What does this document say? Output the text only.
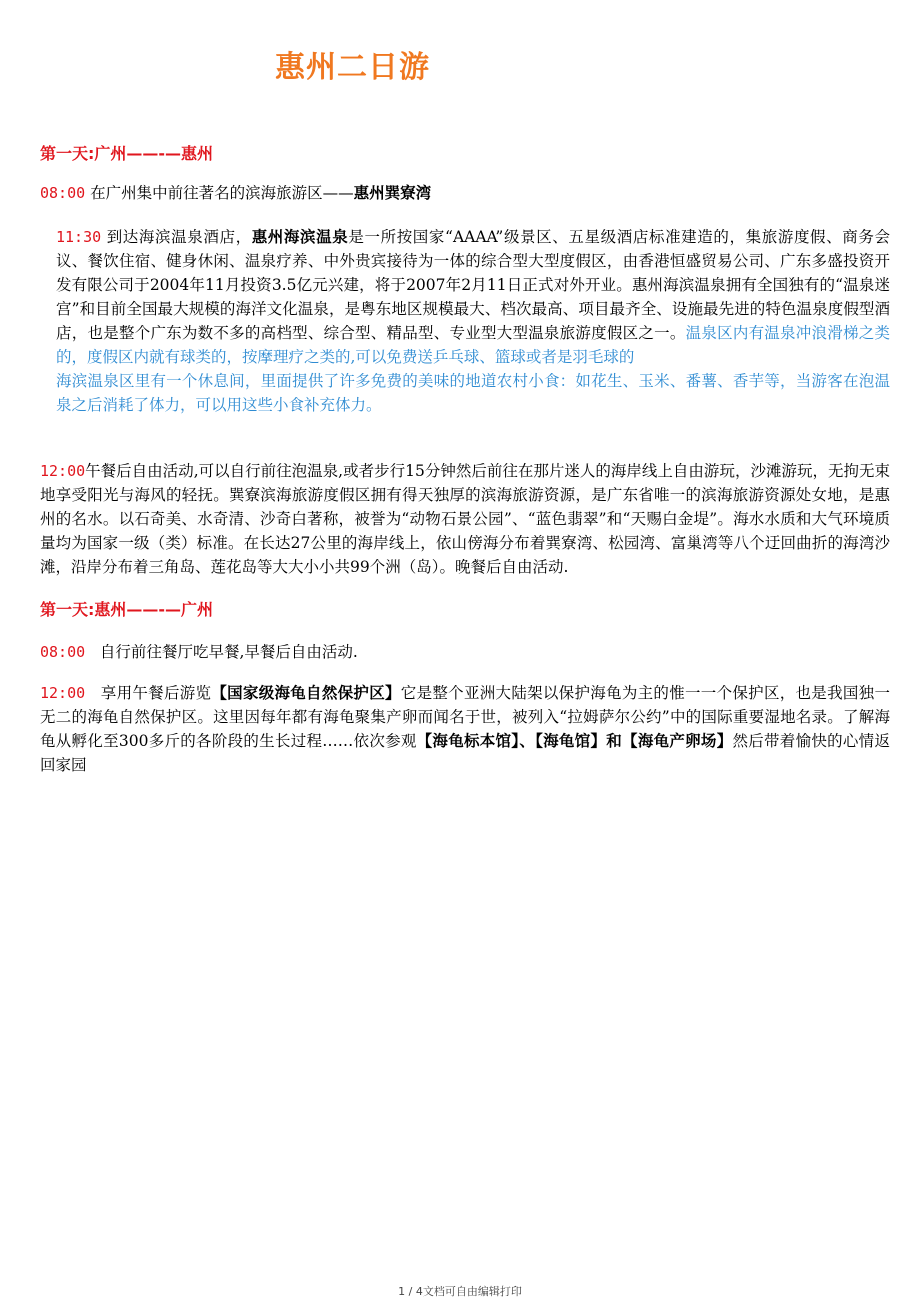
惠州二日游
第一天:广州——-—惠州

08:00 在广州集中前往著名的滨海旅游区——惠州巽寮湾

11:30 到达海滨温泉酒店，惠州海滨温泉是一所按国家“AAAA”级景区、五星级酒店标准建造的，集旅游度假、商务会议、餐饮住宿、健身休闲、温泉疗养、中外贵宾接待为一体的综合型大型度假区，由香港恒盛贸易公司、广东多盛投资开发有限公司于2004年11月投资3.5亿元兴建，将于2007年2月11日正式对外开业。惠州海滨温泉拥有全国独有的“温泉迷宫”和目前全国最大规模的海洋文化温泉，是粤东地区规模最大、档次最高、项目最齐全、设施最先进的特色温泉度假型酒店，也是整个广东为数不多的高档型、综合型、精品型、专业型大型温泉旅游度假区之一。温泉区内有温泉冲浪滑梯之类的，度假区内就有球类的，按摩理疗之类的,可以免费送乒乓球、篮球或者是羽毛球的
海滨温泉区里有一个休息间，里面提供了许多免费的美味的地道农村小食：如花生、玉米、番薯、香芋等，当游客在泡温泉之后消耗了体力，可以用这些小食补充体力。

12:00午餐后自由活动,可以自行前往泡温泉,或者步行15分钟然后前往在那片迷人的海岸线上自由游玩，沙滩游玩，无拘无束地享受阳光与海风的轻抚。巽寮滨海旅游度假区拥有得天独厚的滨海旅游资源，是广东省唯一的滨海旅游资源处女地，是惠州的名水。以石奇美、水奇清、沙奇白著称，被誉为“动物石景公园”、“蓝色翡翠”和“天赐白金堤”。海水水质和大气环境质量均为国家一级（类）标准。在长达27公里的海岸线上，依山傍海分布着巽寮湾、松园湾、富巢湾等八个迂回曲折的海湾沙滩，沿岸分布着三角岛、莲花岛等大大小小共99个洲（岛）。晚餐后自由活动.

第一天:惠州——-—广州

08:00   自行前往餐厅吃早餐,早餐后自由活动.

12:00   享用午餐后游览【国家级海龟自然保护区】它是整个亚洲大陆架以保护海龟为主的惟一一个保护区，也是我国独一无二的海龟自然保护区。这里因每年都有海龟聚集产卵而闻名于世，被列入“拉姆萨尔公约”中的国际重要湿地名录。了解海龟从孵化至300多斤的各阶段的生长过程……依次参观【海龟标本馆】、【海龟馆】和【海龟产卵场】然后带着愉快的心情返回家园

1 / 4文档可自由编辑打印
